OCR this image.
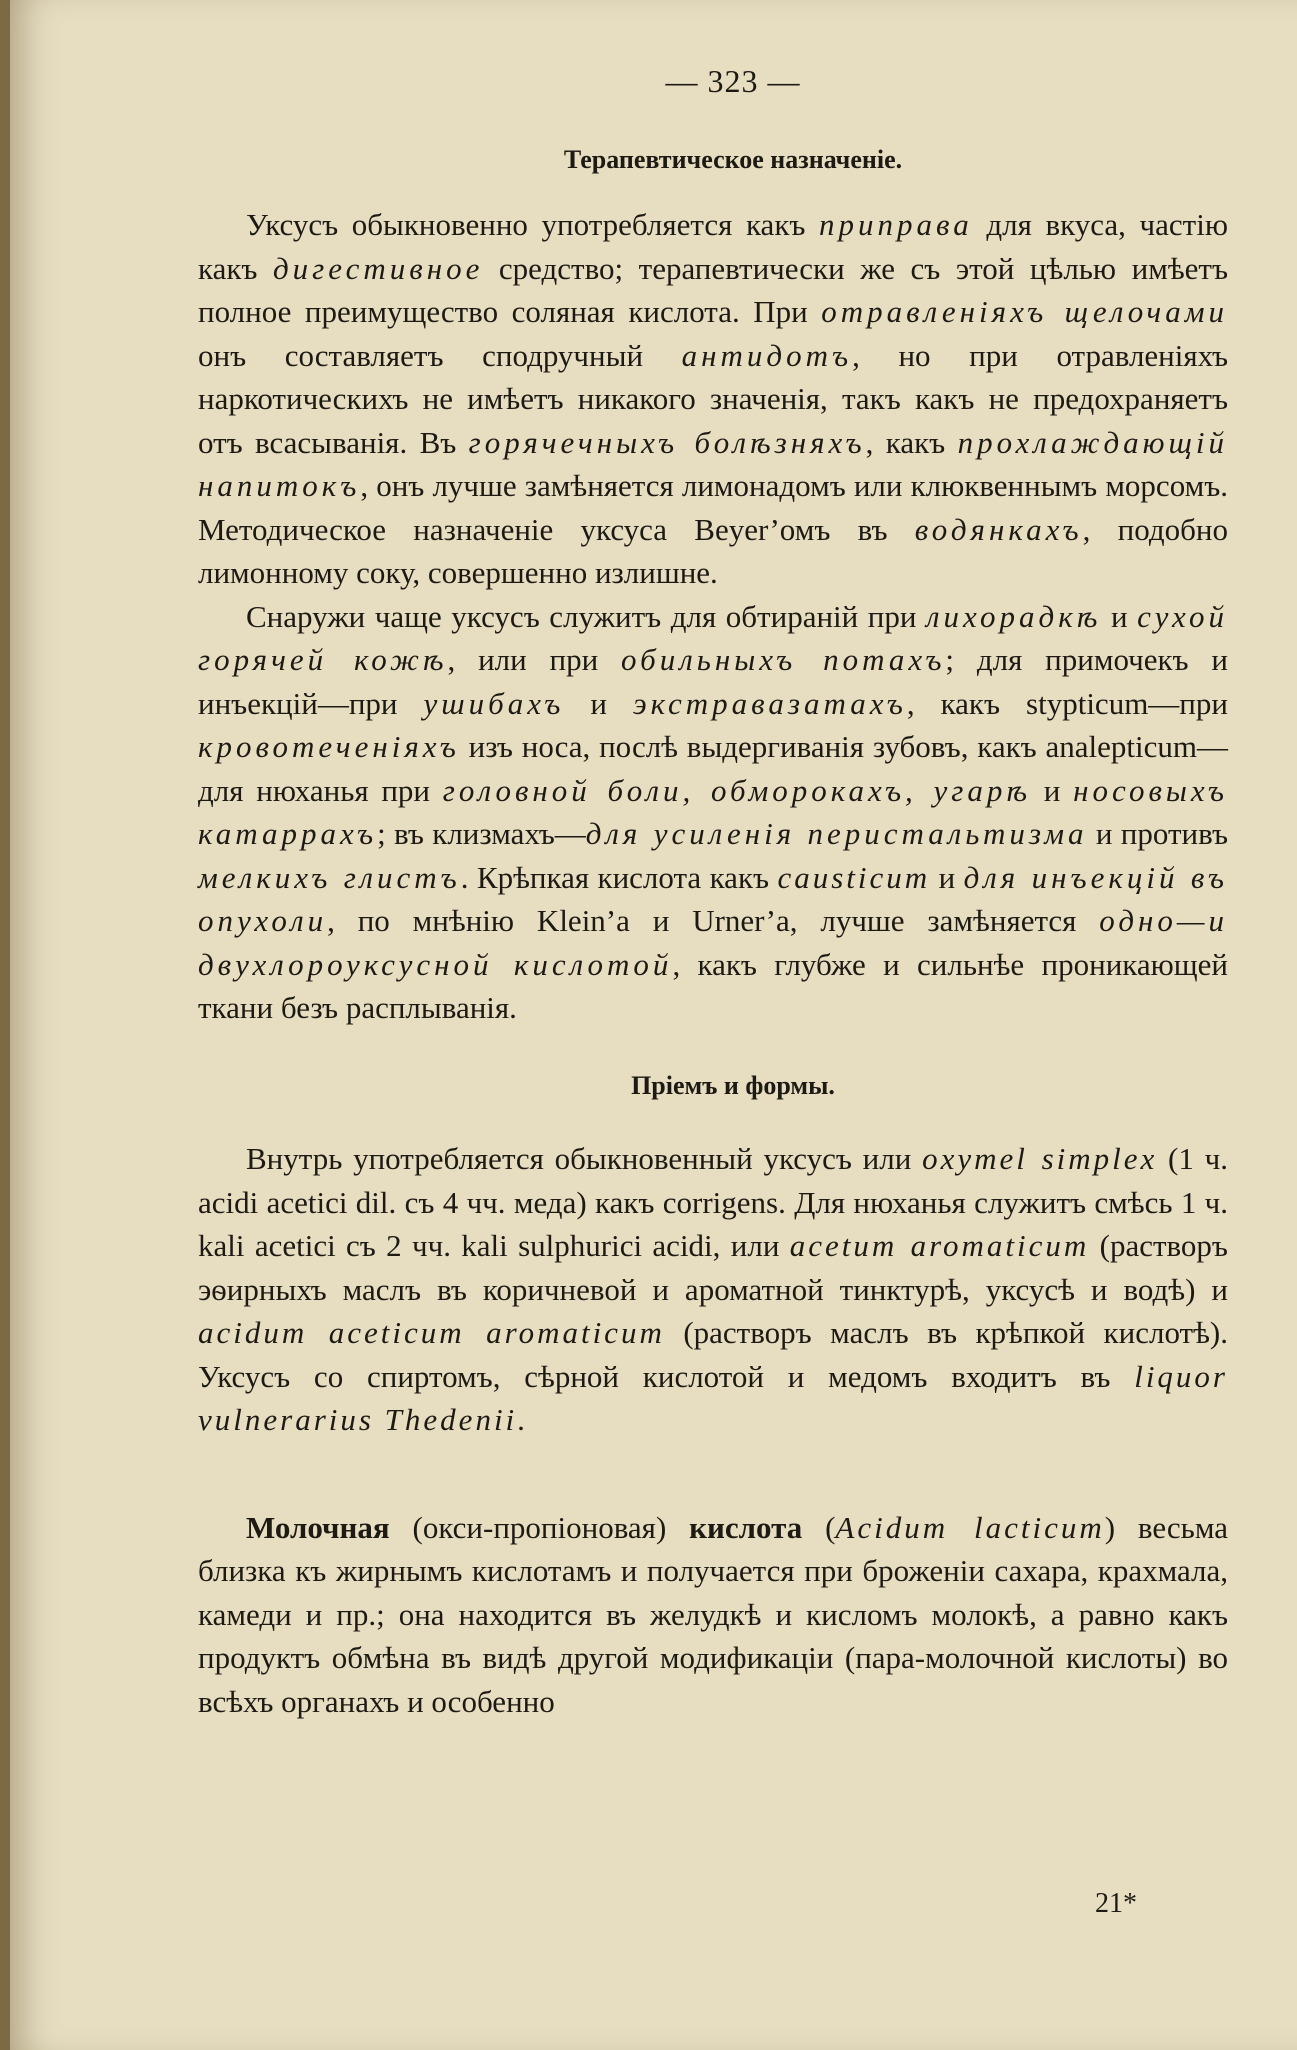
— 323 —
Терапевтическое назначеніе.

Уксусъ обыкновенно употребляется какъ приправа для вкуса, частію какъ дигестивное средство; терапевтически же съ этой цѣлью имѣетъ полное преимущество соляная кислота. При отравленіяхъ щелочами онъ составляетъ сподручный антидотъ, но при отравленіяхъ наркотическихъ не имѣетъ никакого значенія, такъ какъ не предохраняетъ отъ всасыванія. Въ горячечныхъ болѣзняхъ, какъ прохлаждающій напитокъ, онъ лучше замѣняется лимонадомъ или клюквеннымъ морсомъ. Методическое назначеніе уксуса Beyer’омъ въ водянкахъ, подобно лимонному соку, совершенно излишне.

Снаружи чаще уксусъ служитъ для обтираній при лихорадкѣ и сухой горячей кожѣ, или при обильныхъ потахъ; для примочекъ и инъекцій—при ушибахъ и экстравазатахъ, какъ stypticum—при кровотеченіяхъ изъ носа, послѣ выдергиванія зубовъ, какъ analepticum—для нюханья при головной боли, обморокахъ, угарѣ и носовыхъ катаррахъ; въ клизмахъ—для усиленія перистальтизма и противъ мелкихъ глистъ. Крѣпкая кислота какъ causticum и для инъекцій въ опухоли, по мнѣнію Klein’a и Urner’a, лучше замѣняется одно—и двухлороуксусной кислотой, какъ глубже и сильнѣе проникающей ткани безъ расплыванія.

Пріемъ и формы.

Внутрь употребляется обыкновенный уксусъ или oxymel simplex (1 ч. acidi acetici dil. съ 4 чч. меда) какъ corrigens. Для нюханья служитъ смѣсь 1 ч. kali acetici съ 2 чч. kali sulphurici acidi, или acetum aromaticum (растворъ эѳирныхъ маслъ въ коричневой и ароматной тинктурѣ, уксусѣ и водѣ) и acidum aceticum aromaticum (растворъ маслъ въ крѣпкой кислотѣ). Уксусъ со спиртомъ, сѣрной кислотой и медомъ входитъ въ liquor vulnerarius Thedenii.

Молочная (окси-пропіоновая) кислота (Acidum lacticum) весьма близка къ жирнымъ кислотамъ и получается при броженіи сахара, крахмала, камеди и пр.; она находится въ желудкѣ и кисломъ молокѣ, а равно какъ продуктъ обмѣна въ видѣ другой модификаціи (пара-молочной кислоты) во всѣхъ органахъ и особенно

21*
